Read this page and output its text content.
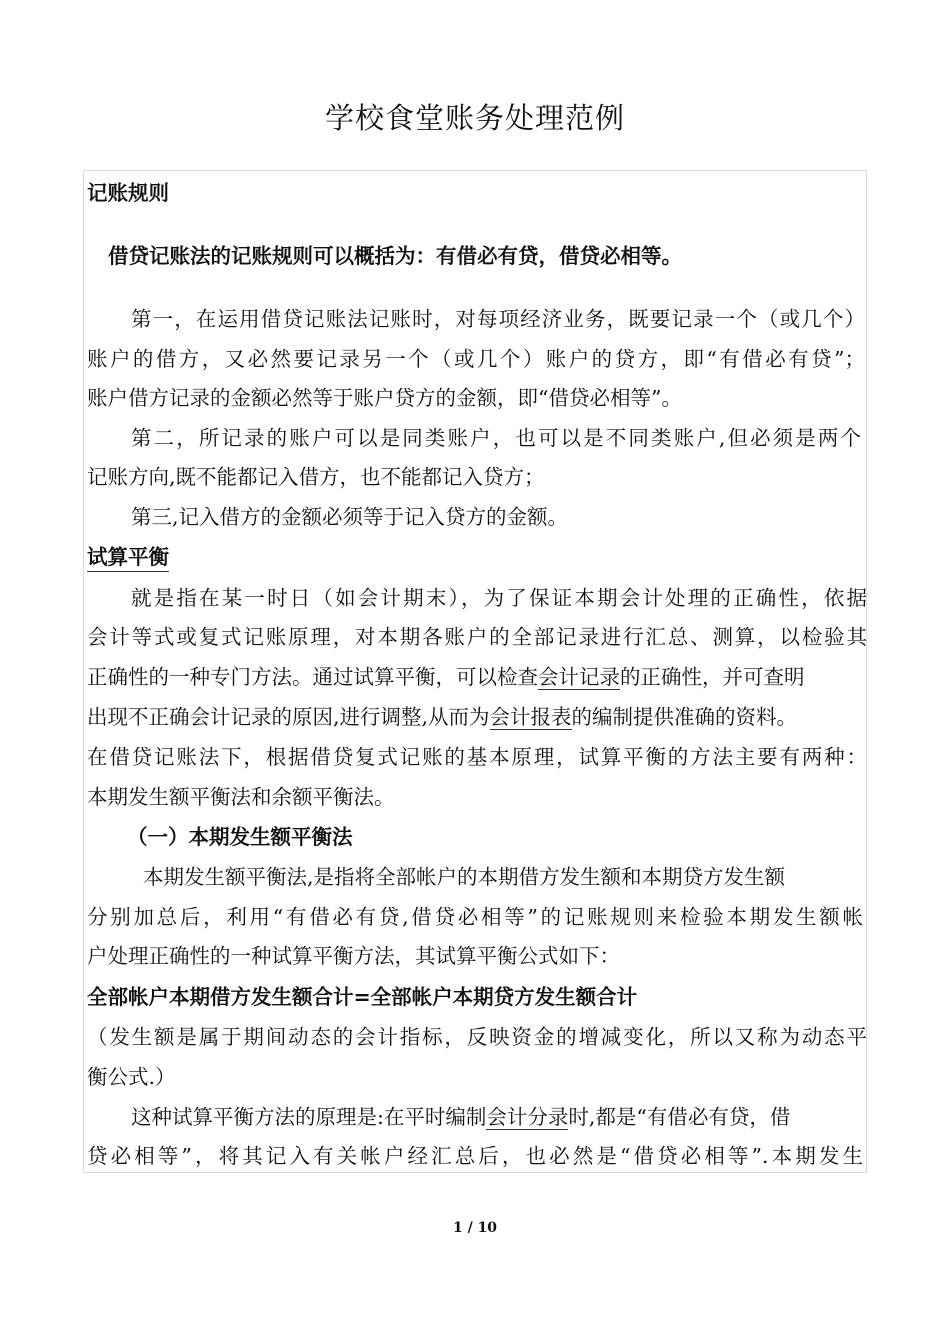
学校食堂账务处理范例
记账规则
借贷记账法的记账规则可以概括为：有借必有贷，借贷必相等。
第一，在运用借贷记账法记账时，对每项经济业务，既要记录一个（或几个）
账户的借方，又必然要记录另一个（或几个）账户的贷方，即“有借必有贷”；
账户借方记录的金额必然等于账户贷方的金额，即“借贷必相等”。
第二，所记录的账户可以是同类账户，也可以是不同类账户,但必须是两个
记账方向,既不能都记入借方，也不能都记入贷方；
第三,记入借方的金额必须等于记入贷方的金额。
试算平衡
就是指在某一时日（如会计期末），为了保证本期会计处理的正确性，依据
会计等式或复式记账原理，对本期各账户的全部记录进行汇总、测算，以检验其
正确性的一种专门方法。通过试算平衡，可以检查会计记录的正确性，并可查明
出现不正确会计记录的原因,进行调整,从而为会计报表的编制提供准确的资料。
在借贷记账法下，根据借贷复式记账的基本原理，试算平衡的方法主要有两种：
本期发生额平衡法和余额平衡法。
（一）本期发生额平衡法
本期发生额平衡法,是指将全部帐户的本期借方发生额和本期贷方发生额
分别加总后，利用“有借必有贷,借贷必相等”的记账规则来检验本期发生额帐
户处理正确性的一种试算平衡方法，其试算平衡公式如下：
全部帐户本期借方发生额合计=全部帐户本期贷方发生额合计
（发生额是属于期间动态的会计指标，反映资金的增减变化，所以又称为动态平
衡公式.）
这种试算平衡方法的原理是:在平时编制会计分录时,都是“有借必有贷，借
贷必相等”，将其记入有关帐户经汇总后，也必然是“借贷必相等”.本期发生
1 / 10
